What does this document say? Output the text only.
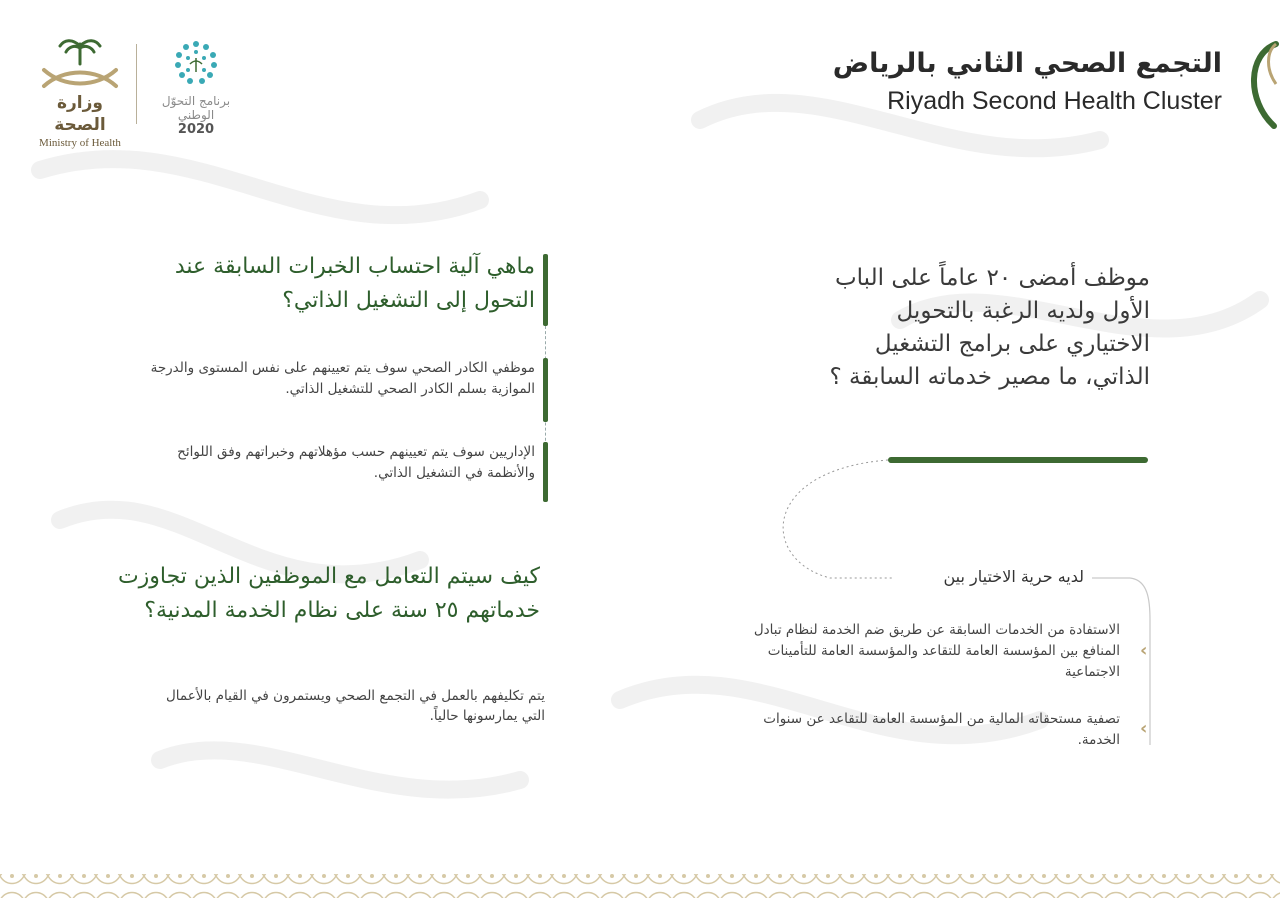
التجمع الصحي الثاني بالرياض
Riyadh Second Health Cluster
وزارة الصحة
Ministry of Health
برنامج التحوّل الوطني
2020
موظف أمضى ٢٠ عاماً على الباب الأول ولديه الرغبة بالتحويل الاختياري على برامج التشغيل الذاتي، ما مصير خدماته السابقة ؟
لديه حرية الاختيار بين
الاستفادة من الخدمات السابقة عن طريق ضم الخدمة لنظام تبادل المنافع بين المؤسسة العامة للتقاعد والمؤسسة العامة للتأمينات الاجتماعية
‹
تصفية مستحقاته المالية من المؤسسة العامة للتقاعد عن سنوات الخدمة.
‹
ماهي آلية احتساب الخبرات السابقة عند التحول إلى التشغيل الذاتي؟
موظفي الكادر الصحي سوف يتم تعيينهم على نفس المستوى والدرجة الموازية بسلم الكادر الصحي للتشغيل الذاتي.
الإداريين سوف يتم تعيينهم حسب مؤهلاتهم وخبراتهم وفق اللوائح والأنظمة في التشغيل الذاتي.
كيف سيتم التعامل مع الموظفين الذين تجاوزت خدماتهم ٢٥ سنة على نظام الخدمة المدنية؟
يتم تكليفهم بالعمل في التجمع الصحي ويستمرون في القيام بالأعمال التي يمارسونها حالياً.
